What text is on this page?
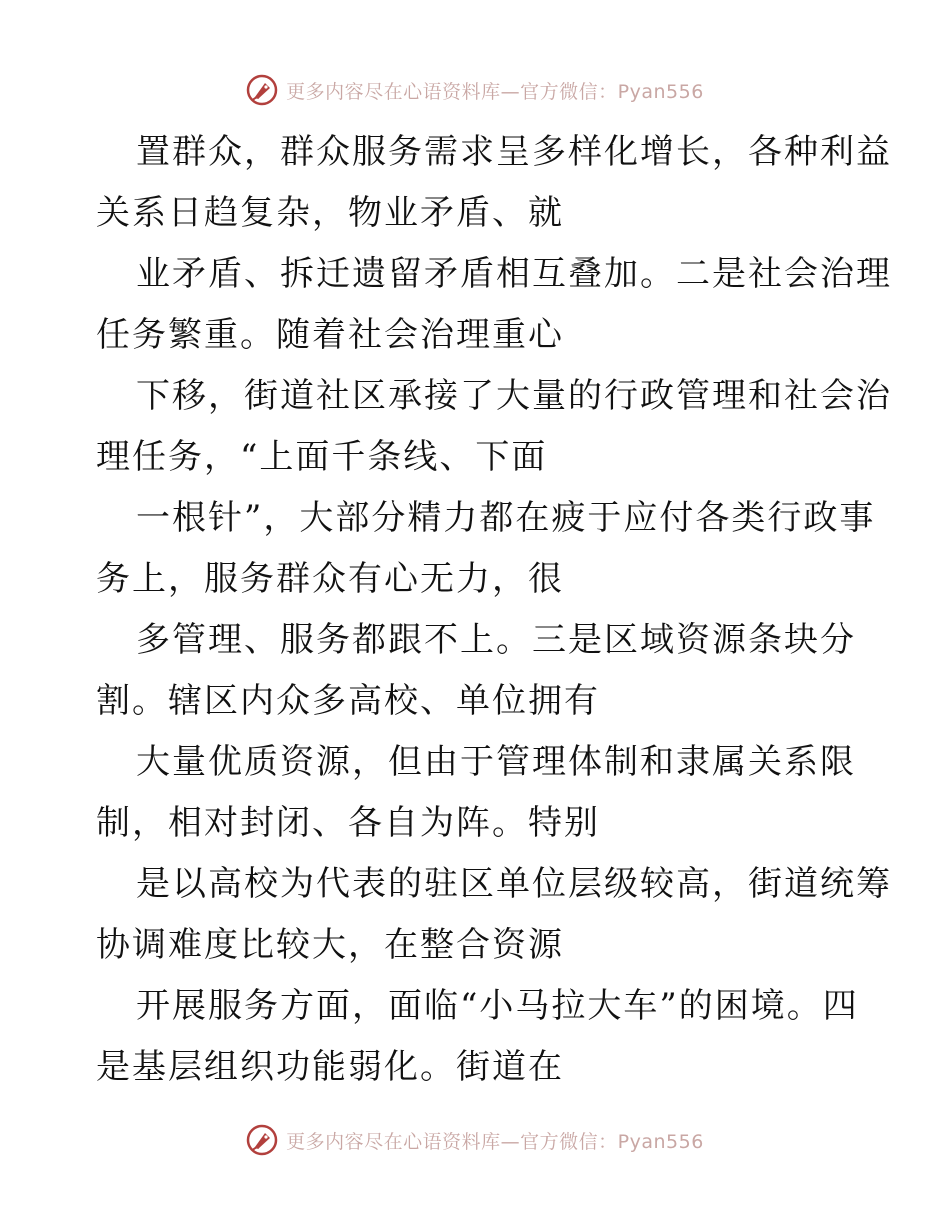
更多内容尽在心语资料库—官方微信：Pyan556
置群众，群众服务需求呈多样化增长，各种利益
关系日趋复杂，物业矛盾、就
业矛盾、拆迁遗留矛盾相互叠加。二是社会治理
任务繁重。随着社会治理重心
下移，街道社区承接了大量的行政管理和社会治
理任务，“上面千条线、下面
一根针”，大部分精力都在疲于应付各类行政事
务上，服务群众有心无力，很
多管理、服务都跟不上。三是区域资源条块分
割。辖区内众多高校、单位拥有
大量优质资源，但由于管理体制和隶属关系限
制，相对封闭、各自为阵。特别
是以高校为代表的驻区单位层级较高，街道统筹
协调难度比较大，在整合资源
开展服务方面，面临“小马拉大车”的困境。四
是基层组织功能弱化。街道在
更多内容尽在心语资料库—官方微信：Pyan556
